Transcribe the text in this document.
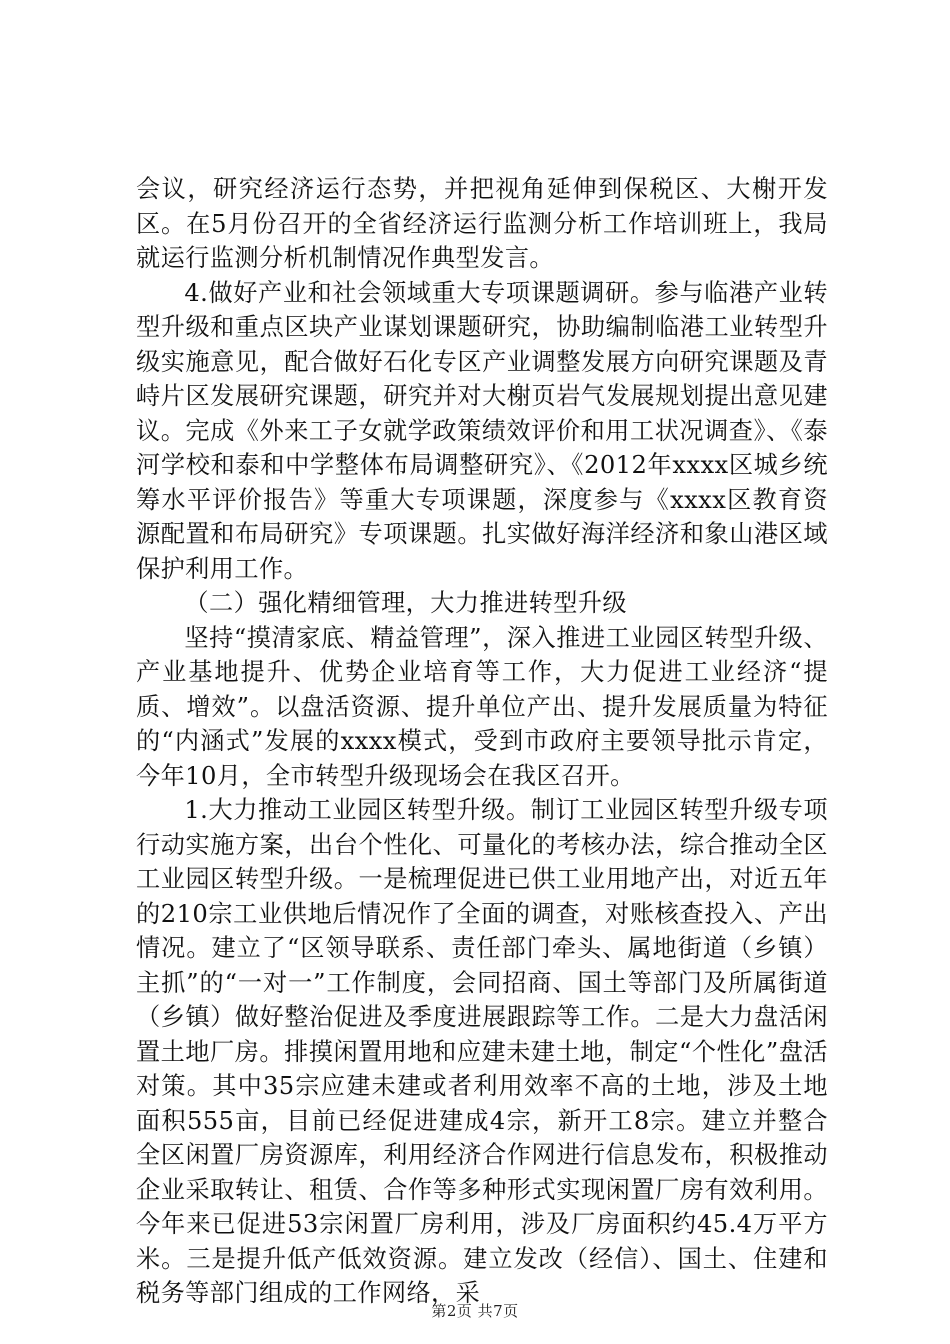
会议，研究经济运行态势，并把视角延伸到保税区、大榭开发区。在5月份召开的全省经济运行监测分析工作培训班上，我局就运行监测分析机制情况作典型发言。

4.做好产业和社会领域重大专项课题调研。参与临港产业转型升级和重点区块产业谋划课题研究，协助编制临港工业转型升级实施意见，配合做好石化专区产业调整发展方向研究课题及青峙片区发展研究课题，研究并对大榭页岩气发展规划提出意见建议。完成《外来工子女就学政策绩效评价和用工状况调查》、《泰河学校和泰和中学整体布局调整研究》、《2012年xxxx区城乡统筹水平评价报告》等重大专项课题，深度参与《xxxx区教育资源配置和布局研究》专项课题。扎实做好海洋经济和象山港区域保护利用工作。

（二）强化精细管理，大力推进转型升级

坚持“摸清家底、精益管理”，深入推进工业园区转型升级、产业基地提升、优势企业培育等工作，大力促进工业经济“提质、增效”。以盘活资源、提升单位产出、提升发展质量为特征的“内涵式”发展的xxxx模式，受到市政府主要领导批示肯定，今年10月，全市转型升级现场会在我区召开。

1.大力推动工业园区转型升级。制订工业园区转型升级专项行动实施方案，出台个性化、可量化的考核办法，综合推动全区工业园区转型升级。一是梳理促进已供工业用地产出，对近五年的210宗工业供地后情况作了全面的调查，对账核查投入、产出情况。建立了“区领导联系、责任部门牵头、属地街道（乡镇）主抓”的“一对一”工作制度，会同招商、国土等部门及所属街道（乡镇）做好整治促进及季度进展跟踪等工作。二是大力盘活闲置土地厂房。排摸闲置用地和应建未建土地，制定“个性化”盘活对策。其中35宗应建未建或者利用效率不高的土地，涉及土地面积555亩，目前已经促进建成4宗，新开工8宗。建立并整合全区闲置厂房资源库，利用经济合作网进行信息发布，积极推动企业采取转让、租赁、合作等多种形式实现闲置厂房有效利用。今年来已促进53宗闲置厂房利用，涉及厂房面积约45.4万平方米。三是提升低产低效资源。建立发改（经信）、国土、住建和税务等部门组成的工作网络，采

第2页 共7页
